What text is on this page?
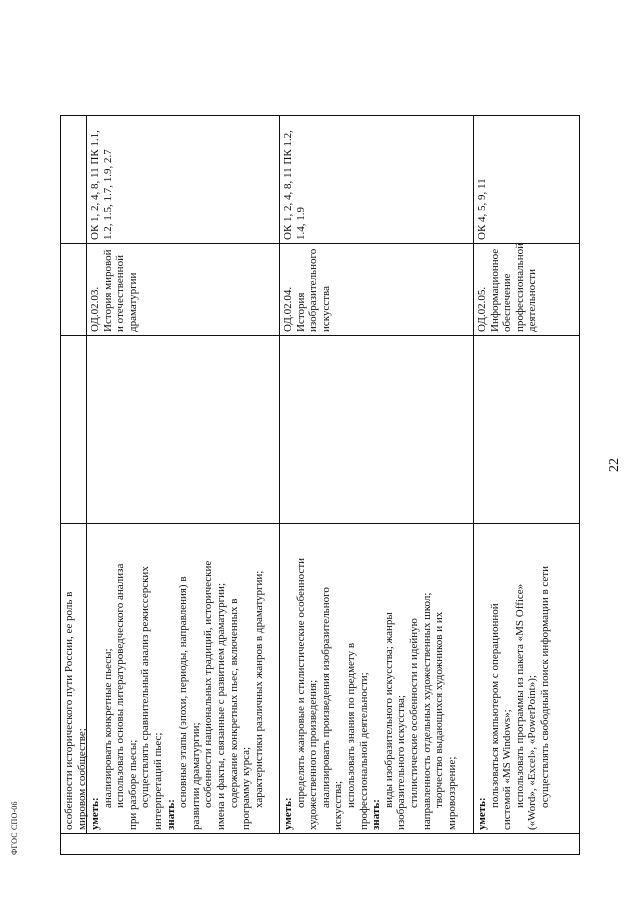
особенности исторического пути России, ее роль в мировом сообществе; уметь:

анализировать конкретные пьесы; использовать основы литературоведческого анализа при разборе пьесы; осуществлять сравнительный анализ режиссерских интерпретаций пьес; знать:

основные этапы (эпохи, периоды, направления) в развитии драматургии; особенности национальных традиций, исторические имена и факты, связанные с развитием драматургии; содержание конкретных пьес, включенных в программу курса; характеристики различных жанров в драматургии;

ОД.02.03. История мировой и отечественной драматургии
ОК 1, 2, 4, 8, 11 ПК 1.1, 1.2, 1.5, 1.7, 1.9, 2.7

уметь:

определять жанровые и стилистические особенности художественного произведения; анализировать произведения изобразительного искусства; использовать знания по предмету в профессиональной деятельности; знать:

виды изобразительного искусства; жанры изобразительного искусства; стилистические особенности и идейную направленность отдельных художественных школ; творчество выдающихся художников и их мировоззрение;

ОД.02.04. История изобразительного искусства
ОК 1, 2, 4, 8, 11 ПК 1.2, 1.4, 1.9

уметь:

пользоваться компьютером с операционной системой «MS Windows»; использовать программы из пакета «MS Office» («Word», «Excel», «PowerPoint»); осуществлять свободный поиск информации в сети

ОД.02.05. Информационное обеспечение профессиональной деятельности
ОК 4, 5, 9, 11
22
ФГОС СПО-06
